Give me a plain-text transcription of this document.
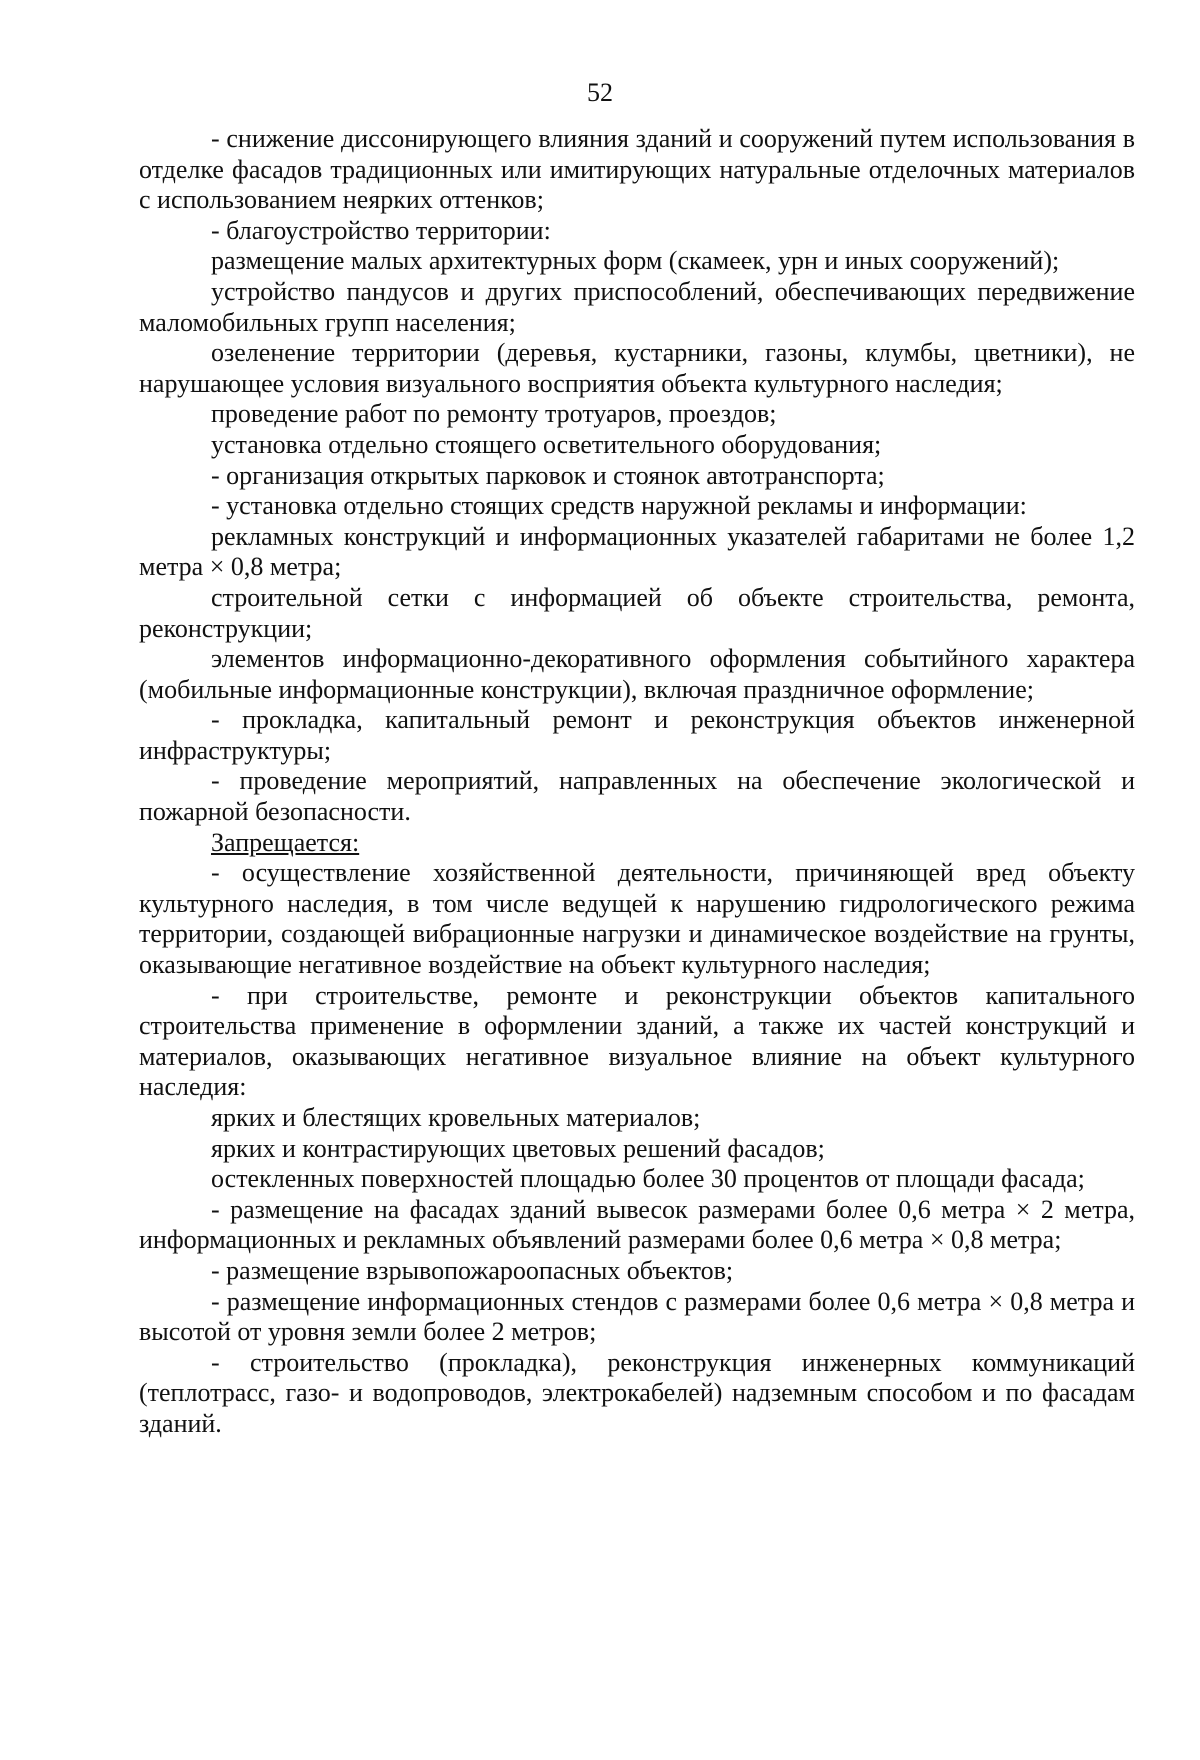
52

- снижение диссонирующего влияния зданий и сооружений путем использования в отделке фасадов традиционных или имитирующих натуральные отделочных материалов с использованием неярких оттенков;

- благоустройство территории:

размещение малых архитектурных форм (скамеек, урн и иных сооружений);

устройство пандусов и других приспособлений, обеспечивающих передвижение маломобильных групп населения;

озеленение территории (деревья, кустарники, газоны, клумбы, цветники), не нарушающее условия визуального восприятия объекта культурного наследия;

проведение работ по ремонту тротуаров, проездов;

установка отдельно стоящего осветительного оборудования;

- организация открытых парковок и стоянок автотранспорта;

- установка отдельно стоящих средств наружной рекламы и информации:

рекламных конструкций и информационных указателей габаритами не более 1,2 метра × 0,8 метра;

строительной сетки с информацией об объекте строительства, ремонта, реконструкции;

элементов информационно-декоративного оформления событийного характера (мобильные информационные конструкции), включая праздничное оформление;

- прокладка, капитальный ремонт и реконструкция объектов инженерной инфраструктуры;

- проведение мероприятий, направленных на обеспечение экологической и пожарной безопасности.

Запрещается:

- осуществление хозяйственной деятельности, причиняющей вред объекту культурного наследия, в том числе ведущей к нарушению гидрологического режима территории, создающей вибрационные нагрузки и динамическое воздействие на грунты, оказывающие негативное воздействие на объект культурного наследия;

- при строительстве, ремонте и реконструкции объектов капитального строительства применение в оформлении зданий, а также их частей конструкций и материалов, оказывающих негативное визуальное влияние на объект культурного наследия:

ярких и блестящих кровельных материалов;

ярких и контрастирующих цветовых решений фасадов;

остекленных поверхностей площадью более 30 процентов от площади фасада;

- размещение на фасадах зданий вывесок размерами более 0,6 метра × 2 метра, информационных и рекламных объявлений размерами более 0,6 метра × 0,8 метра;

- размещение взрывопожароопасных объектов;

- размещение информационных стендов с размерами более 0,6 метра × 0,8 метра и высотой от уровня земли более 2 метров;

- строительство (прокладка), реконструкция инженерных коммуникаций (теплотрасс, газо- и водопроводов, электрокабелей) надземным способом и по фасадам зданий.
